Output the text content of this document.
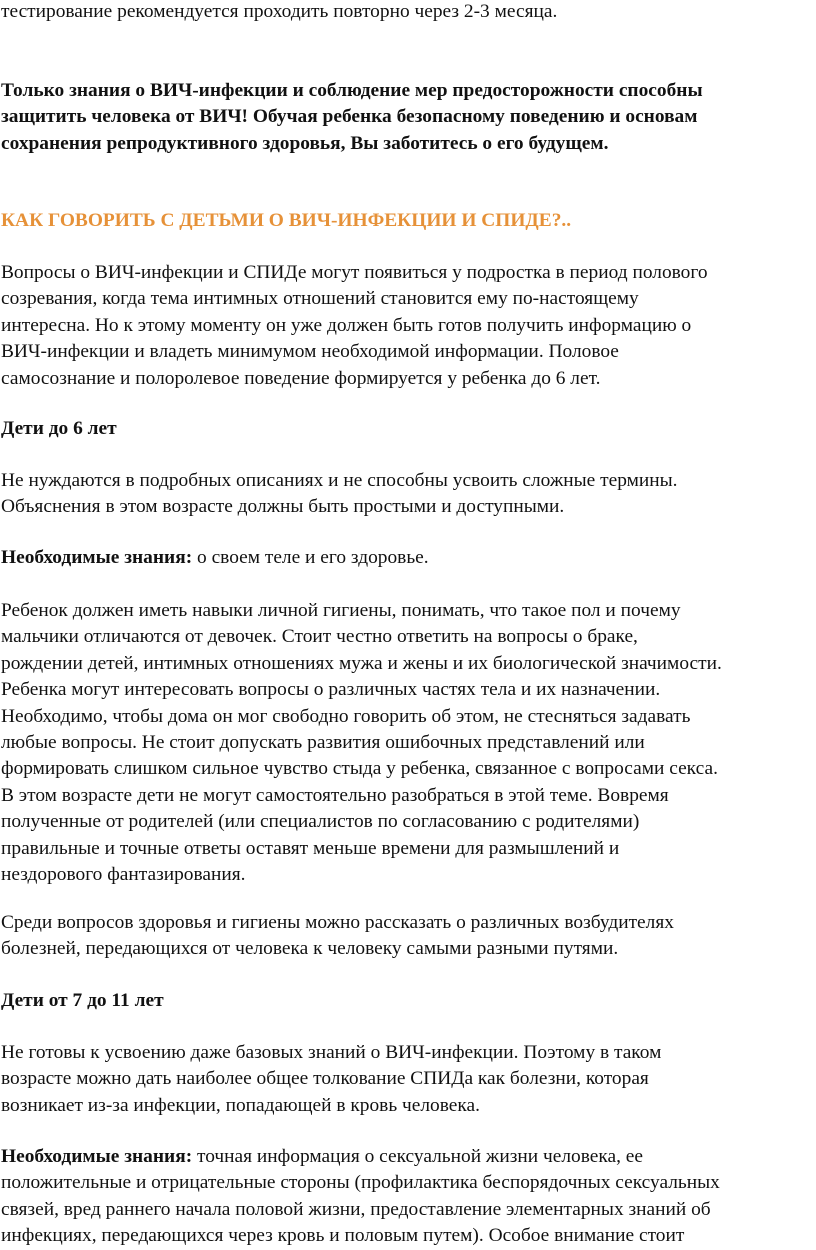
тестирование рекомендуется проходить повторно через 2-3 месяца.

Только знания о ВИЧ-инфекции и соблюдение мер предосторожности способны
защитить человека от ВИЧ! Обучая ребенка безопасному поведению и основам
сохранения репродуктивного здоровья, Вы заботитесь о его будущем.

КАК ГОВОРИТЬ С ДЕТЬМИ О ВИЧ-ИНФЕКЦИИ И СПИДЕ?..

Вопросы о ВИЧ-инфекции и СПИДе могут появиться у подростка в период полового
созревания, когда тема интимных отношений становится ему по-настоящему
интересна. Но к этому моменту он уже должен быть готов получить информацию о
ВИЧ-инфекции и владеть минимумом необходимой информации. Половое
самосознание и полоролевое поведение формируется у ребенка до 6 лет.

Дети до 6 лет

Не нуждаются в подробных описаниях и не способны усвоить сложные термины.
Объяснения в этом возрасте должны быть простыми и доступными.

Необходимые знания: о своем теле и его здоровье.

Ребенок должен иметь навыки личной гигиены, понимать, что такое пол и почему
мальчики отличаются от девочек. Стоит честно ответить на вопросы о браке,
рождении детей, интимных отношениях мужа и жены и их биологической значимости.
Ребенка могут интересовать вопросы о различных частях тела и их назначении.
Необходимо, чтобы дома он мог свободно говорить об этом, не стесняться задавать
любые вопросы. Не стоит допускать развития ошибочных представлений или
формировать слишком сильное чувство стыда у ребенка, связанное с вопросами секса.
В этом возрасте дети не могут самостоятельно разобраться в этой теме. Вовремя
полученные от родителей (или специалистов по согласованию с родителями)
правильные и точные ответы оставят меньше времени для размышлений и
нездорового фантазирования.

Среди вопросов здоровья и гигиены можно рассказать о различных возбудителях
болезней, передающихся от человека к человеку самыми разными путями.

Дети от 7 до 11 лет

Не готовы к усвоению даже базовых знаний о ВИЧ-инфекции. Поэтому в таком
возрасте можно дать наиболее общее толкование СПИДа как болезни, которая
возникает из-за инфекции, попадающей в кровь человека.

Необходимые знания: точная информация о сексуальной жизни человека, ее
положительные и отрицательные стороны (профилактика беспорядочных сексуальных
связей, вред раннего начала половой жизни, предоставление элементарных знаний об
инфекциях, передающихся через кровь и половым путем). Особое внимание стоит
